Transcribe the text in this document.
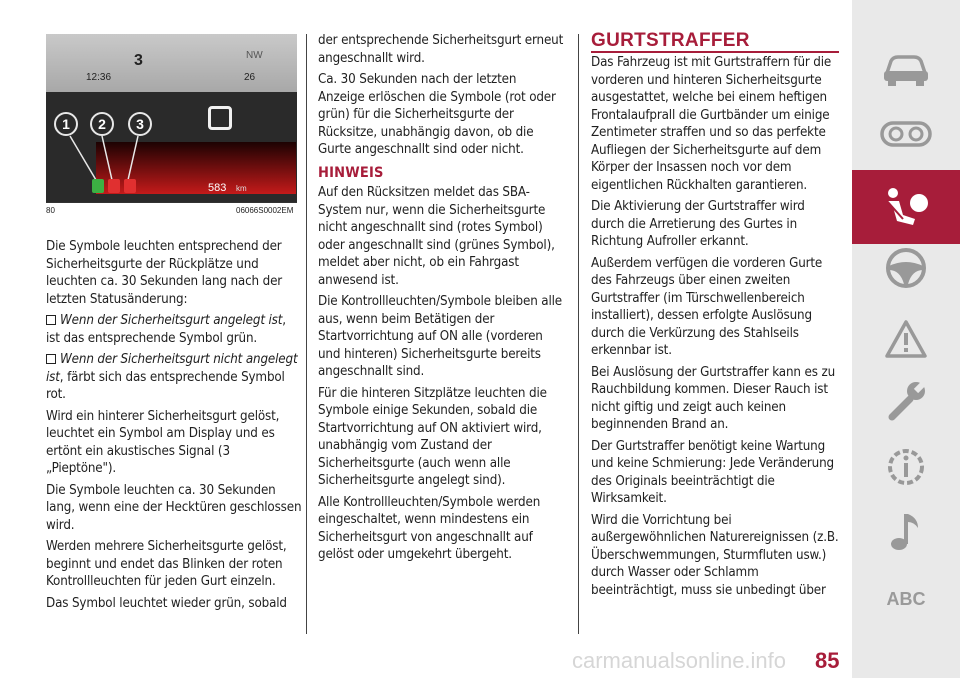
12:36
3	NW
26
1	2	3
583 km
80	06066S0002EM

Die Symbole leuchten entsprechend der Sicherheitsgurte der Rückplätze und leuchten ca. 30 Sekunden lang nach der letzten Statusänderung:

Wenn der Sicherheitsgurt angelegt ist, ist das entsprechende Symbol grün.

Wenn der Sicherheitsgurt nicht angelegt ist, färbt sich das entsprechende Symbol rot.

Wird ein hinterer Sicherheitsgurt gelöst, leuchtet ein Symbol am Display und es ertönt ein akustisches Signal (3 „Pieptöne").

Die Symbole leuchten ca. 30 Sekunden lang, wenn eine der Hecktüren geschlossen wird.

Werden mehrere Sicherheitsgurte gelöst, beginnt und endet das Blinken der roten Kontrollleuchten für jeden Gurt einzeln.

Das Symbol leuchtet wieder grün, sobald

der entsprechende Sicherheitsgurt erneut angeschnallt wird.

Ca. 30 Sekunden nach der letzten Anzeige erlöschen die Symbole (rot oder grün) für die Sicherheitsgurte der Rücksitze, unabhängig davon, ob die Gurte angeschnallt sind oder nicht.

HINWEIS

Auf den Rücksitzen meldet das SBA-System nur, wenn die Sicherheitsgurte nicht angeschnallt sind (rotes Symbol) oder angeschnallt sind (grünes Symbol), meldet aber nicht, ob ein Fahrgast anwesend ist.

Die Kontrollleuchten/Symbole bleiben alle aus, wenn beim Betätigen der Startvorrichtung auf ON alle (vorderen und hinteren) Sicherheitsgurte bereits angeschnallt sind.

Für die hinteren Sitzplätze leuchten die Symbole einige Sekunden, sobald die Startvorrichtung auf ON aktiviert wird, unabhängig vom Zustand der Sicherheitsgurte (auch wenn alle Sicherheitsgurte angelegt sind).

Alle Kontrollleuchten/Symbole werden eingeschaltet, wenn mindestens ein Sicherheitsgurt von angeschnallt auf gelöst oder umgekehrt übergeht.

GURTSTRAFFER

Das Fahrzeug ist mit Gurtstraffern für die vorderen und hinteren Sicherheitsgurte ausgestattet, welche bei einem heftigen Frontalaufprall die Gurtbänder um einige Zentimeter straffen und so das perfekte Aufliegen der Sicherheitsgurte auf dem Körper der Insassen noch vor dem eigentlichen Rückhalten garantieren.

Die Aktivierung der Gurtstraffer wird durch die Arretierung des Gurtes in Richtung Aufroller erkannt.

Außerdem verfügen die vorderen Gurte des Fahrzeugs über einen zweiten Gurtstraffer (im Türschwellenbereich installiert), dessen erfolgte Auslösung durch die Verkürzung des Stahlseils erkennbar ist.

Bei Auslösung der Gurtstraffer kann es zu Rauchbildung kommen. Dieser Rauch ist nicht giftig und zeigt auch keinen beginnenden Brand an.

Der Gurtstraffer benötigt keine Wartung und keine Schmierung: Jede Veränderung des Originals beeinträchtigt die Wirksamkeit.

Wird die Vorrichtung bei außergewöhnlichen Naturereignissen (z.B. Überschwemmungen, Sturmfluten usw.) durch Wasser oder Schlamm beeinträchtigt, muss sie unbedingt über	ABC
carmanualsonline.info 85
